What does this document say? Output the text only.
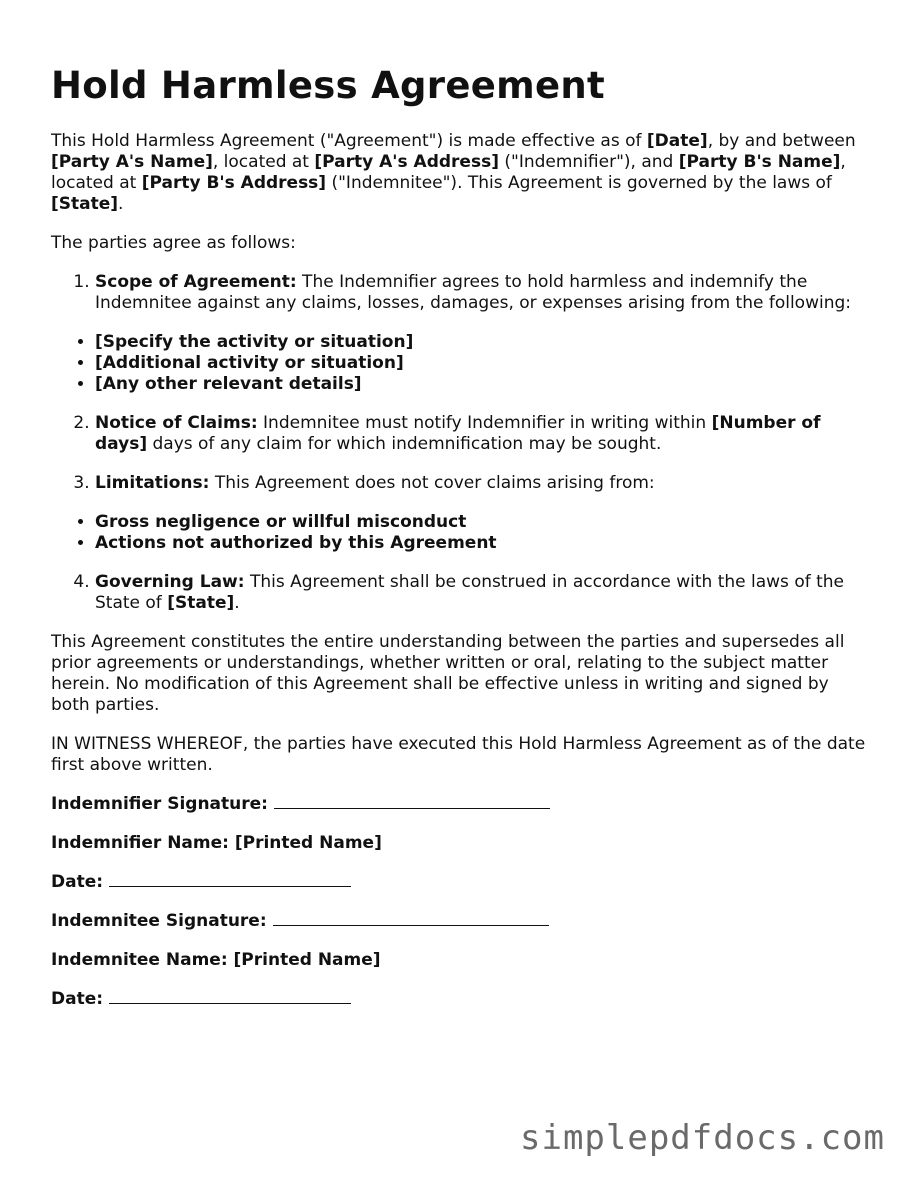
Hold Harmless Agreement

This Hold Harmless Agreement ("Agreement") is made effective as of [Date], by and between [Party A's Name], located at [Party A's Address] ("Indemnifier"), and [Party B's Name], located at [Party B's Address] ("Indemnitee"). This Agreement is governed by the laws of [State].

The parties agree as follows:

1. Scope of Agreement: The Indemnifier agrees to hold harmless and indemnify the Indemnitee against any claims, losses, damages, or expenses arising from the following:
• [Specify the activity or situation]
• [Additional activity or situation]
• [Any other relevant details]
2. Notice of Claims: Indemnitee must notify Indemnifier in writing within [Number of days] days of any claim for which indemnification may be sought.
3. Limitations: This Agreement does not cover claims arising from:
• Gross negligence or willful misconduct
• Actions not authorized by this Agreement
4. Governing Law: This Agreement shall be construed in accordance with the laws of the State of [State].

This Agreement constitutes the entire understanding between the parties and supersedes all prior agreements or understandings, whether written or oral, relating to the subject matter herein. No modification of this Agreement shall be effective unless in writing and signed by both parties.

IN WITNESS WHEREOF, the parties have executed this Hold Harmless Agreement as of the date first above written.

Indemnifier Signature:

Indemnifier Name: [Printed Name]

Date:

Indemnitee Signature:

Indemnitee Name: [Printed Name]

Date:

simplepdfdocs.com
